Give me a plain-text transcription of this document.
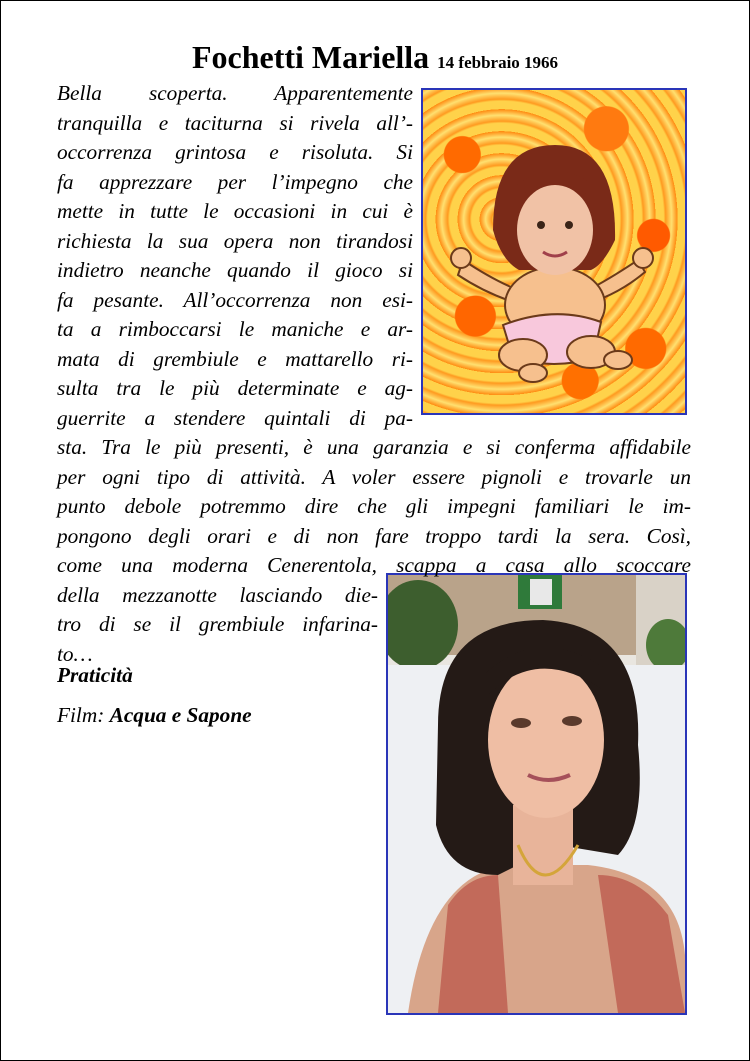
Fochetti Mariella 14 febbraio 1966
Bella scoperta. Apparentemente
tranquilla e taciturna si rivela all’-
occorrenza grintosa e risoluta. Si
fa apprezzare per l’impegno che
mette in tutte le occasioni in cui è
richiesta la sua opera non tirandosi
indietro neanche quando il gioco si
fa pesante. All’occorrenza non esi-
ta a rimboccarsi le maniche e ar-
mata di grembiule e mattarello ri-
sulta tra le più determinate e ag-
guerrite a stendere quintali di pa-
sta. Tra le più presenti, è una garanzia e si conferma affidabile
per ogni tipo di attività. A voler essere pignoli e trovarle un
punto debole potremmo dire che gli impegni familiari le im-
pongono degli orari e di non fare troppo tardi la sera. Così,
come una moderna Cenerentola, scappa a casa allo scoccare
della mezzanotte lasciando die-
tro di se il grembiule infarina-
to…
Praticità
Film: Acqua e Sapone
